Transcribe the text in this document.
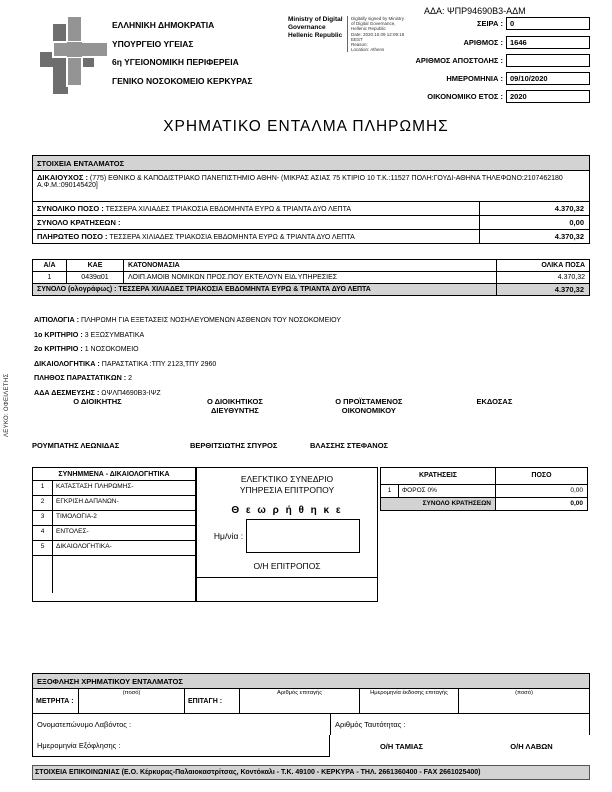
ΕΛΛΗΝΙΚΗ ΔΗΜΟΚΡΑΤΙΑ
ΥΠΟΥΡΓΕΙΟ ΥΓΕΙΑΣ
6η ΥΓΕΙΟΝΟΜΙΚΗ ΠΕΡΙΦΕΡΕΙΑ
ΓΕΝΙΚΟ ΝΟΣΟΚΟΜΕΙΟ ΚΕΡΚΥΡΑΣ
Ministry of Digital
Governance
Hellenic Republic
Digitally signed by Ministry
of Digital Governance,
Hellenic Republic
Date: 2020.10.09 12:09:18
EEST
Reason:
Location: Athens
ΑΔΑ: ΨΠΡ94690Β3-ΑΔΜ
ΣΕΙΡΑ : 0
ΑΡΙΘΜΟΣ : 1646
ΑΡΙΘΜΟΣ ΑΠΟΣΤΟΛΗΣ :
ΗΜΕΡΟΜΗΝΙΑ : 09/10/2020
ΟΙΚΟΝΟΜΙΚΟ ΕΤΟΣ : 2020
ΧΡΗΜΑΤΙΚΟ ΕΝΤΑΛΜΑ ΠΛΗΡΩΜΗΣ
ΣΤΟΙΧΕΙΑ ΕΝΤΑΛΜΑΤΟΣ
ΔΙΚΑΙΟΥΧΟΣ : (775) ΕΘΝΙΚΟ & ΚΑΠΟΔΙΣΤΡΙΑΚΟ ΠΑΝΕΠΙΣΤΗΜΙΟ ΑΘΗΝ- (ΜΙΚΡΑΣ ΑΣΙΑΣ 75 ΚΤΙΡΙΟ 10 Τ.Κ.:11527 ΠΟΛΗ:ΓΟΥΔΙ-ΑΘΗΝΑ ΤΗΛΕΦΩΝΟ:2107462180 Α.Φ.Μ.:090145420]
ΣΥΝΟΛΙΚΟ ΠΟΣΟ : ΤΕΣΣΕΡΑ ΧΙΛΙΑΔΕΣ ΤΡΙΑΚΟΣΙΑ ΕΒΔΟΜΗΝΤΑ ΕΥΡΩ & ΤΡΙΑΝΤΑ ΔΥΟ ΛΕΠΤΑ	4.370,32
ΣΥΝΟΛΟ ΚΡΑΤΗΣΕΩΝ :	0,00
ΠΛΗΡΩΤΕΟ ΠΟΣΟ : ΤΕΣΣΕΡΑ ΧΙΛΙΑΔΕΣ ΤΡΙΑΚΟΣΙΑ ΕΒΔΟΜΗΝΤΑ ΕΥΡΩ & ΤΡΙΑΝΤΑ ΔΥΟ ΛΕΠΤΑ	4.370,32
Α/Α	ΚΑΕ	ΚΑΤΟΝΟΜΑΣΙΑ	ΟΛΙΚΑ ΠΟΣΑ
1	0439α01	ΛΟΙΠ.ΑΜΟΙΒ ΝΟΜΙΚΩΝ ΠΡΟΣ.ΠΟΥ ΕΚΤΕΛΟΥΝ ΕΙΔ.ΥΠΗΡΕΣΙΕΣ	4.370,32
ΣΥΝΟΛΟ (ολογράφως) : ΤΕΣΣΕΡΑ ΧΙΛΙΑΔΕΣ ΤΡΙΑΚΟΣΙΑ ΕΒΔΟΜΗΝΤΑ ΕΥΡΩ & ΤΡΙΑΝΤΑ ΔΥΟ ΛΕΠΤΑ	4.370,32
ΑΙΤΙΟΛΟΓΙΑ : ΠΛΗΡΩΜΗ ΓΙΑ ΕΞΕΤΑΣΕΙΣ ΝΟΣΗΛΕΥΟΜΕΝΩΝ ΑΣΘΕΝΩΝ ΤΟΥ ΝΟΣΟΚΟΜΕΙΟΥ
1ο ΚΡΙΤΗΡΙΟ : 3 ΕΞΩΣΥΜΒΑΤΙΚΑ
2ο ΚΡΙΤΗΡΙΟ : 1 ΝΟΣΟΚΟΜΕΙΟ
ΔΙΚΑΙΟΛΟΓΗΤΙΚΑ : ΠΑΡΑΣΤΑΤΙΚΑ :ΤΠΥ 2123,ΤΠΥ 2960
ΠΛΗΘΟΣ ΠΑΡΑΣΤΑΤΙΚΩΝ : 2
ΑΔΑ ΔΕΣΜΕΥΣΗΣ : ΩΨΛΠ4690Β3-ΙΨΖ
Ο ΔΙΟΙΚΗΤΗΣ	Ο ΔΙΟΙΚΗΤΙΚΟΣ ΔΙΕΥΘΥΝΤΗΣ
Ο ΠΡΟΪΣΤΑΜΕΝΟΣ ΟΙΚΟΝΟΜΙΚΟΥ
ΕΚΔΟΣΑΣ
ΡΟΥΜΠΑΤΗΣ ΛΕΩΝΙΔΑΣ	ΒΕΡΘΙΤΣΙΩΤΗΣ ΣΠΥΡΟΣ	ΒΛΑΣΣΗΣ ΣΤΕΦΑΝΟΣ
ΛΕΥΚΟ: ΟΦΕΙΛΕΤΗΣ
ΣΥΝΗΜΜΕΝΑ - ΔΙΚΑΙΟΛΟΓΗΤΙΚΑ
1	ΚΑΤΑΣΤΑΣΗ ΠΛΗΡΩΜΗΣ-
2	ΕΓΚΡΙΣΗ ΔΑΠΑΝΩΝ-
3	ΤΙΜΟΛΟΓΙΑ-2
4	ΕΝΤΟΛΕΣ-
5	ΔΙΚΑΙΟΛΟΓΗΤΙΚΑ-
ΕΛΕΓΚΤΙΚΟ ΣΥΝΕΔΡΙΟ
ΥΠΗΡΕΣΙΑ ΕΠΙΤΡΟΠΟΥ
Θ ε ω ρ ή θ η κ ε
Ημ/νία :
Ο/Η ΕΠΙΤΡΟΠΟΣ
ΚΡΑΤΗΣΕΙΣ	ΠΟΣΟ
1	ΦΟΡΟΣ 0%	0,00
ΣΥΝΟΛΟ ΚΡΑΤΗΣΕΩΝ	0,00
ΕΞΟΦΛΗΣΗ ΧΡΗΜΑΤΙΚΟΥ ΕΝΤΑΛΜΑΤΟΣ
ΜΕΤΡΗΤΑ :
(ποσό)
ΕΠΙΤΑΓΗ :
Αριθμός επιταγής	Ημερομηνία έκδοσης επιταγής	(ποσό)
Ονοματεπώνυμο Λαβόντος :	Αριθμός Ταυτότητας :
Ημερομηνία Εξόφλησης :	Ο/Η ΤΑΜΙΑΣ	Ο/Η ΛΑΒΩΝ
ΣΤΟΙΧΕΙΑ ΕΠΙΚΟΙΝΩΝΙΑΣ (Ε.Ο. Κέρκυρας-Παλαιοκαστρίτσας, Κοντόκαλι - Τ.Κ. 49100 - ΚΕΡΚΥΡΑ - ΤΗΛ. 2661360400 - FAX 2661025400)
